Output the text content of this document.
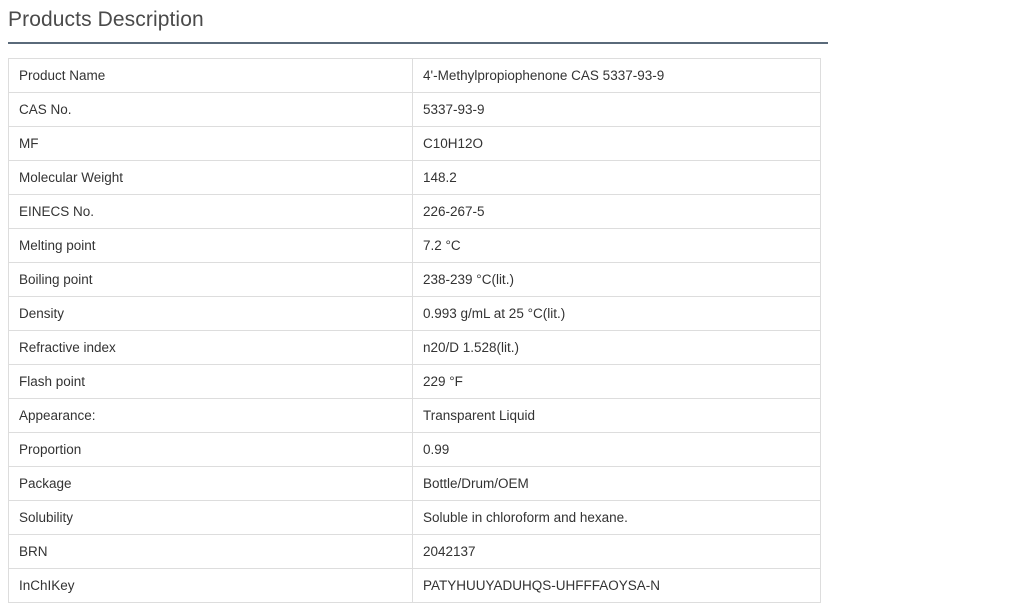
Products Description
Product Name	4'-Methylpropiophenone CAS 5337-93-9
CAS No.	5337-93-9
MF	C10H12O
Molecular Weight	148.2
EINECS No.	226-267-5
Melting point	7.2 °C
Boiling point	238-239 °C(lit.)
Density	0.993 g/mL at 25 °C(lit.)
Refractive index	n20/D 1.528(lit.)
Flash point	229 °F
Appearance:	Transparent Liquid
Proportion	0.99
Package	Bottle/Drum/OEM
Solubility	Soluble in chloroform and hexane.
BRN	2042137
InChIKey	PATYHUUYADUHQS-UHFFFAOYSA-N
